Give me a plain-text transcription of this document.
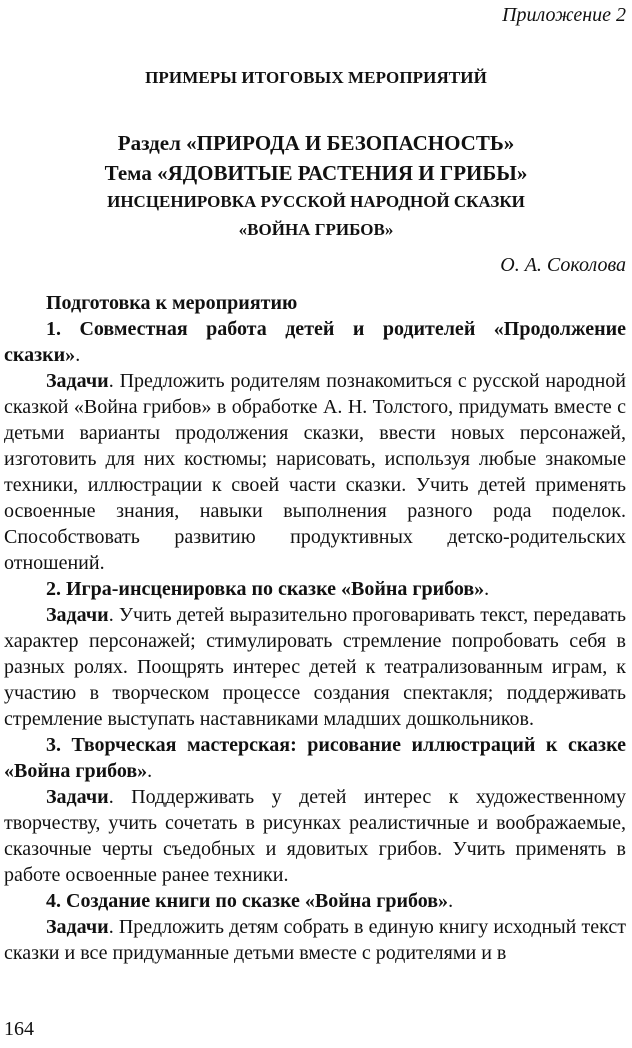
Приложение 2
ПРИМЕРЫ ИТОГОВЫХ МЕРОПРИЯТИЙ
Раздел «ПРИРОДА И БЕЗОПАСНОСТЬ»
Тема «ЯДОВИТЫЕ РАСТЕНИЯ И ГРИБЫ»
ИНСЦЕНИРОВКА РУССКОЙ НАРОДНОЙ СКАЗКИ
«ВОЙНА ГРИБОВ»
О. А. Соколова

Подготовка к мероприятию

1. Совместная работа детей и родителей «Продолжение сказки».

Задачи. Предложить родителям познакомиться с русской народной сказкой «Война грибов» в обработке А. Н. Толстого, придумать вместе с детьми варианты продолжения сказки, ввести новых персонажей, изготовить для них костюмы; нарисовать, используя любые знакомые техники, иллюстрации к своей части сказки. Учить детей применять освоенные знания, навыки выполнения разного рода поделок. Способствовать развитию продуктивных детско-родительских отношений.

2. Игра-инсценировка по сказке «Война грибов».

Задачи. Учить детей выразительно проговаривать текст, передавать характер персонажей; стимулировать стремление попробовать себя в разных ролях. Поощрять интерес детей к театрализованным играм, к участию в творческом процессе создания спектакля; поддерживать стремление выступать наставниками младших дошкольников.

3. Творческая мастерская: рисование иллюстраций к сказке «Война грибов».

Задачи. Поддерживать у детей интерес к художественному творчеству, учить сочетать в рисунках реалистичные и воображаемые, сказочные черты съедобных и ядовитых грибов. Учить применять в работе освоенные ранее техники.

4. Создание книги по сказке «Война грибов».

Задачи. Предложить детям собрать в единую книгу исходный текст сказки и все придуманные детьми вместе с родителями и в

164
